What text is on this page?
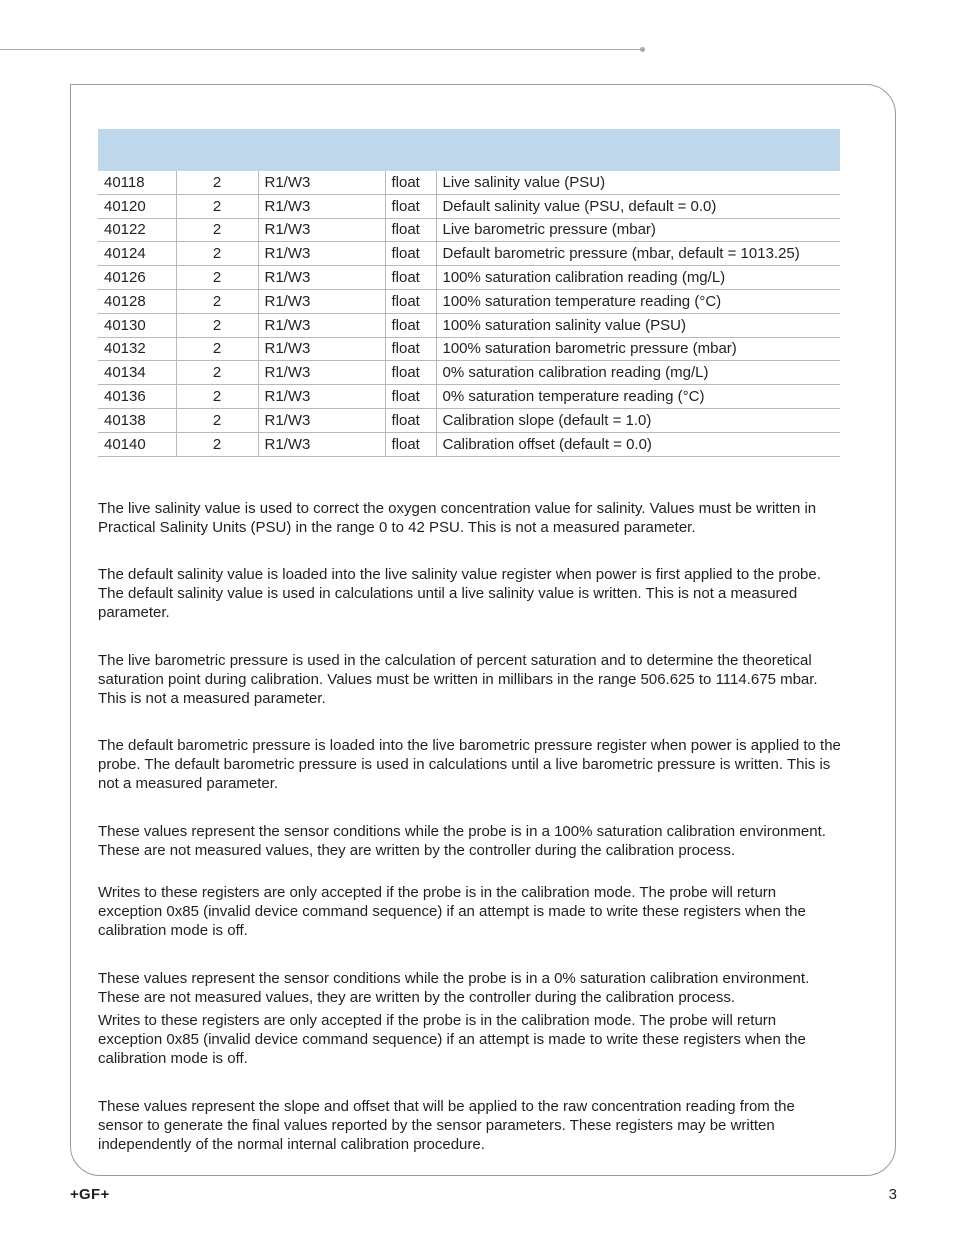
40118	2	R1/W3	float	Live salinity value (PSU)
40120	2	R1/W3	float	Default salinity value (PSU, default = 0.0)
40122	2	R1/W3	float	Live barometric pressure (mbar)
40124	2	R1/W3	float	Default barometric pressure (mbar, default = 1013.25)
40126	2	R1/W3	float	100% saturation calibration reading (mg/L)
40128	2	R1/W3	float	100% saturation temperature reading (°C)
40130	2	R1/W3	float	100% saturation salinity value (PSU)
40132	2	R1/W3	float	100% saturation barometric pressure (mbar)
40134	2	R1/W3	float	0% saturation calibration reading (mg/L)
40136	2	R1/W3	float	0% saturation temperature reading (°C)
40138	2	R1/W3	float	Calibration slope (default = 1.0)
40140	2	R1/W3	float	Calibration offset (default = 0.0)

The live salinity value is used to correct the oxygen concentration value for salinity. Values must be written in Practical Salinity Units (PSU) in the range 0 to 42 PSU. This is not a measured parameter.

The default salinity value is loaded into the live salinity value register when power is first applied to the probe. The default salinity value is used in calculations until a live salinity value is written. This is not a measured parameter.

The live barometric pressure is used in the calculation of percent saturation and to determine the theoretical saturation point during calibration. Values must be written in millibars in the range 506.625 to 1114.675 mbar. This is not a measured parameter.

The default barometric pressure is loaded into the live barometric pressure register when power is applied to the probe. The default barometric pressure is used in calculations until a live barometric pressure is written. This is not a measured parameter.

These values represent the sensor conditions while the probe is in a 100% saturation calibration environment. These are not measured values, they are written by the controller during the calibration process.

Writes to these registers are only accepted if the probe is in the calibration mode. The probe will return exception 0x85 (invalid device command sequence) if an attempt is made to write these registers when the calibration mode is off.

These values represent the sensor conditions while the probe is in a 0% saturation calibration environment. These are not measured values, they are written by the controller during the calibration process.

Writes to these registers are only accepted if the probe is in the calibration mode. The probe will return exception 0x85 (invalid device command sequence) if an attempt is made to write these registers when the calibration mode is off.

These values represent the slope and offset that will be applied to the raw concentration reading from the sensor to generate the final values reported by the sensor parameters. These registers may be written independently of the normal internal calibration procedure.

+GF+	3
